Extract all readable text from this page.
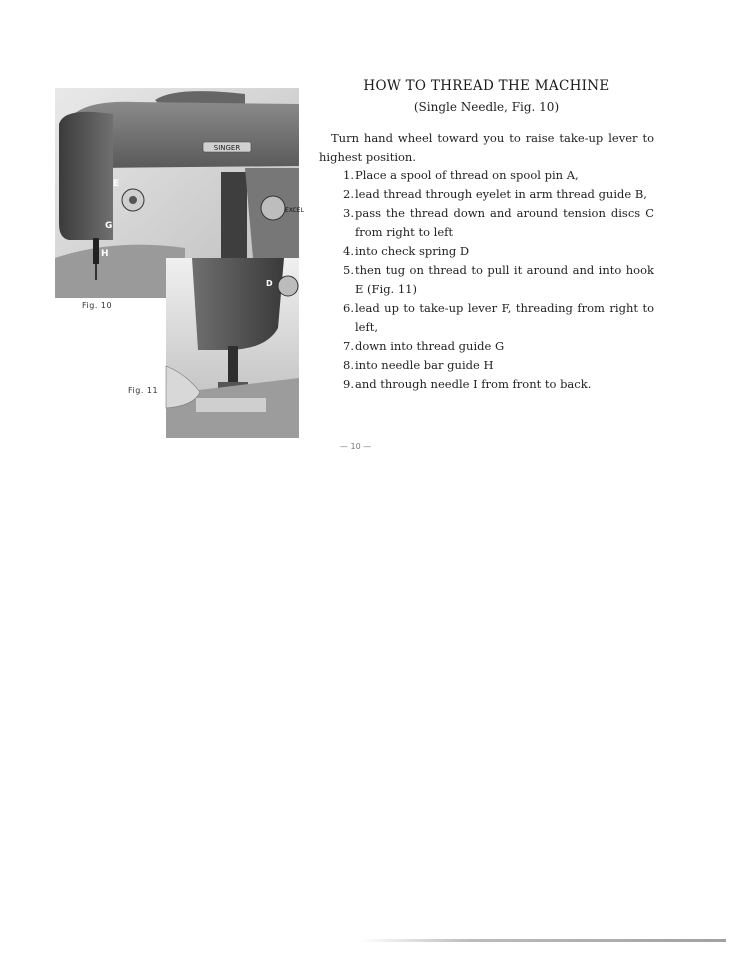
SINGER
EXCEL
E
G
H
Fig. 10
D
Fig. 11
HOW TO THREAD THE MACHINE
(Single Needle, Fig. 10)
Turn hand wheel toward you to raise take-up lever to highest position.
1. Place a spool of thread on spool pin A,
2. lead thread through eyelet in arm thread guide B,
3. pass the thread down and around tension discs C from right to left
4. into check spring D
5. then tug on thread to pull it around and into hook E (Fig. 11)
6. lead up to take-up lever F, threading from right to left,
7. down into thread guide G
8. into needle bar guide H
9. and through needle I from front to back.
— 10 —
